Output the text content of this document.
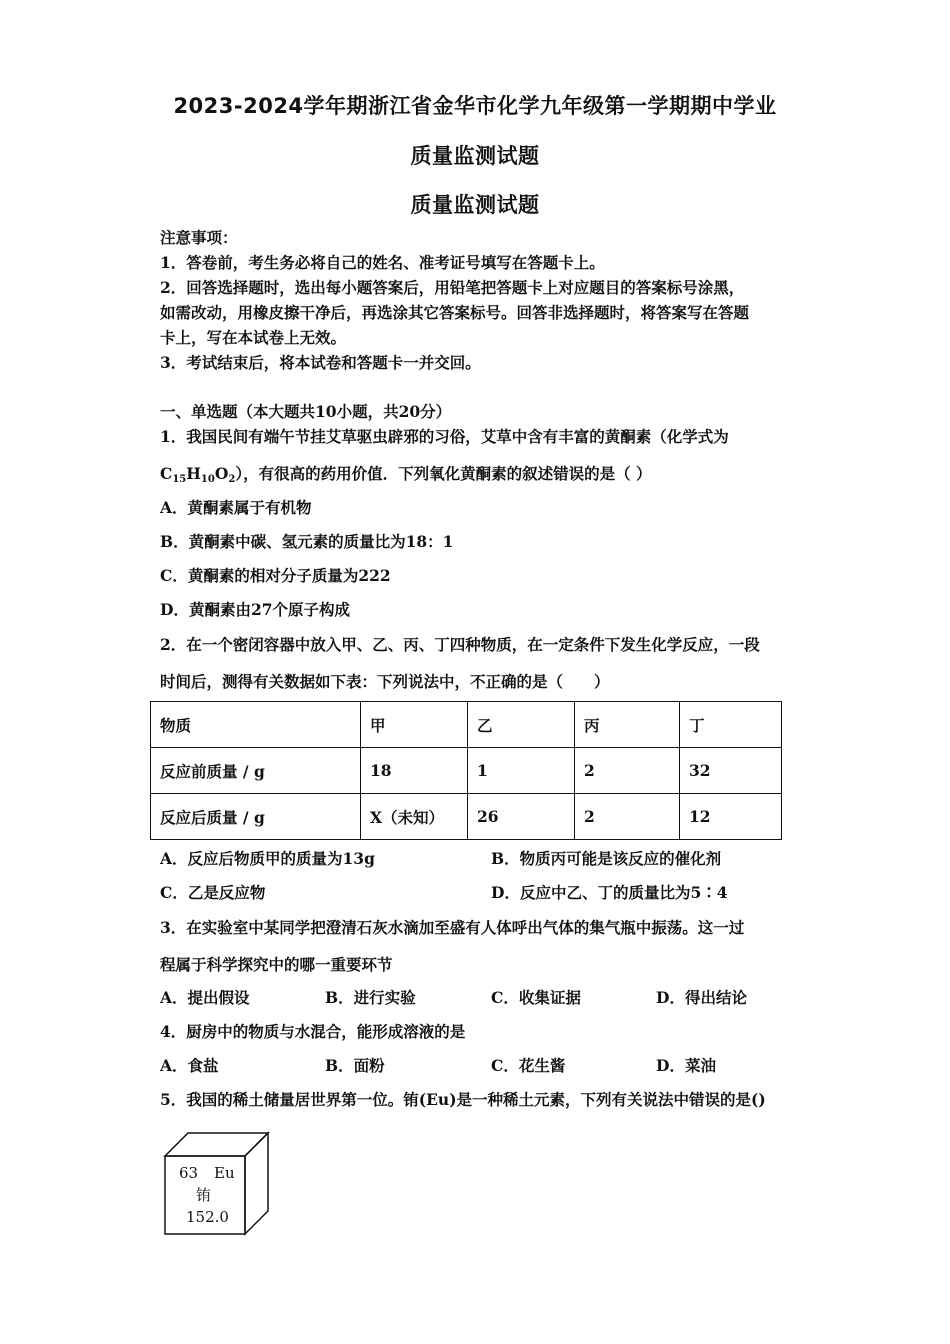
2023-2024学年期浙江省金华市化学九年级第一学期期中学业
质量监测试题
质量监测试题
注意事项：
1．答卷前，考生务必将自己的姓名、准考证号填写在答题卡上。
2．回答选择题时，选出每小题答案后，用铅笔把答题卡上对应题目的答案标号涂黑，
如需改动，用橡皮擦干净后，再选涂其它答案标号。回答非选择题时，将答案写在答题
卡上，写在本试卷上无效。
3．考试结束后，将本试卷和答题卡一并交回。
一、单选题（本大题共10小题，共20分）
1．我国民间有端午节挂艾草驱虫辟邪的习俗，艾草中含有丰富的黄酮素（化学式为
$C_{15}H_{10}O_2$），有很高的药用价值．下列氧化黄酮素的叙述错误的是（ ）
A．黄酮素属于有机物
B．黄酮素中碳、氢元素的质量比为18：1
C．黄酮素的相对分子质量为222
D．黄酮素由27个原子构成
2．在一个密闭容器中放入甲、乙、丙、丁四种物质，在一定条件下发生化学反应，一段
时间后，测得有关数据如下表：下列说法中，不正确的是（　　）
物质	甲	乙	丙	丁
反应前质量 / g	18	1	2	32
反应后质量 / g	X（未知）	26	2	12
A．反应后物质甲的质量为13g	B．物质丙可能是该反应的催化剂
C．乙是反应物	D．反应中乙、丁的质量比为5∶4
3．在实验室中某同学把澄清石灰水滴加至盛有人体呼出气体的集气瓶中振荡。这一过
程属于科学探究中的哪一重要环节
A．提出假设	B．进行实验	C．收集证据	D．得出结论
4．厨房中的物质与水混合，能形成溶液的是
A．食盐	B．面粉	C．花生酱	D．菜油
5．我国的稀土储量居世界第一位。铕(Eu)是一种稀土元素，下列有关说法中错误的是()
63 Eu
铕
152.0
